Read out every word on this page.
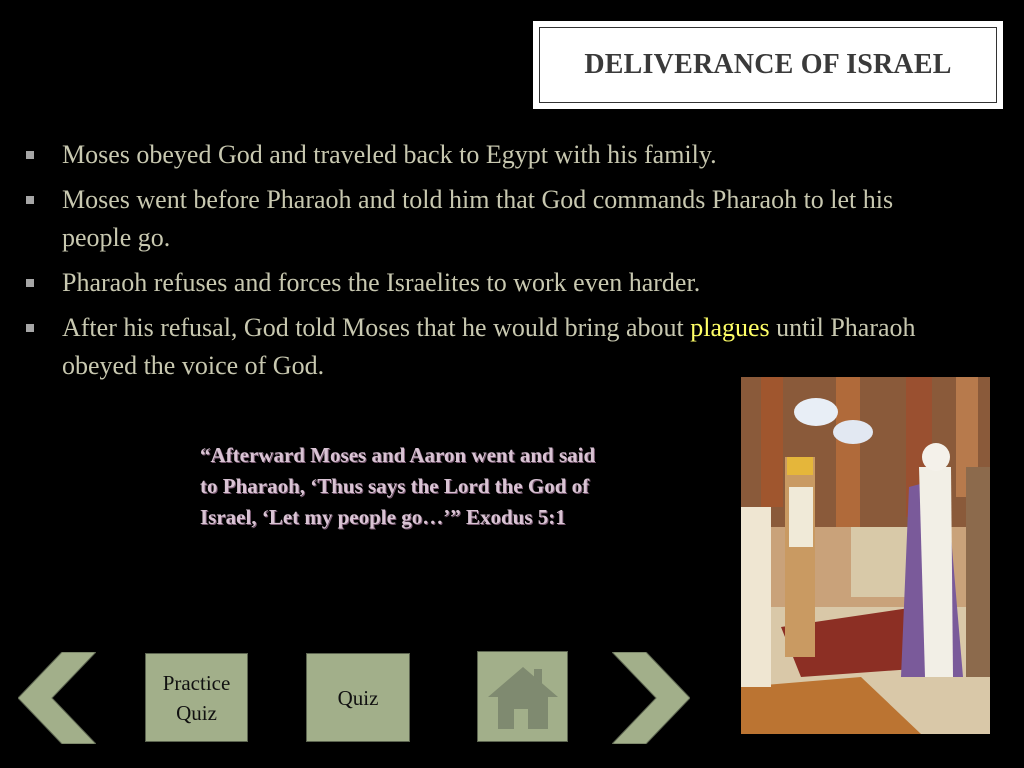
DELIVERANCE OF ISRAEL
Moses obeyed God and traveled back to Egypt with his family.
Moses went before Pharaoh and told him that God commands Pharaoh to let his people go.
Pharaoh refuses and forces the Israelites to work even harder.
After his refusal, God told Moses that he would bring about plagues until Pharaoh obeyed the voice of God.
“Afterward Moses and Aaron went and said to Pharaoh, ‘Thus says the Lord the God of Israel, ‘Let my people go…’” Exodus 5:1
Practice
Quiz
Quiz
